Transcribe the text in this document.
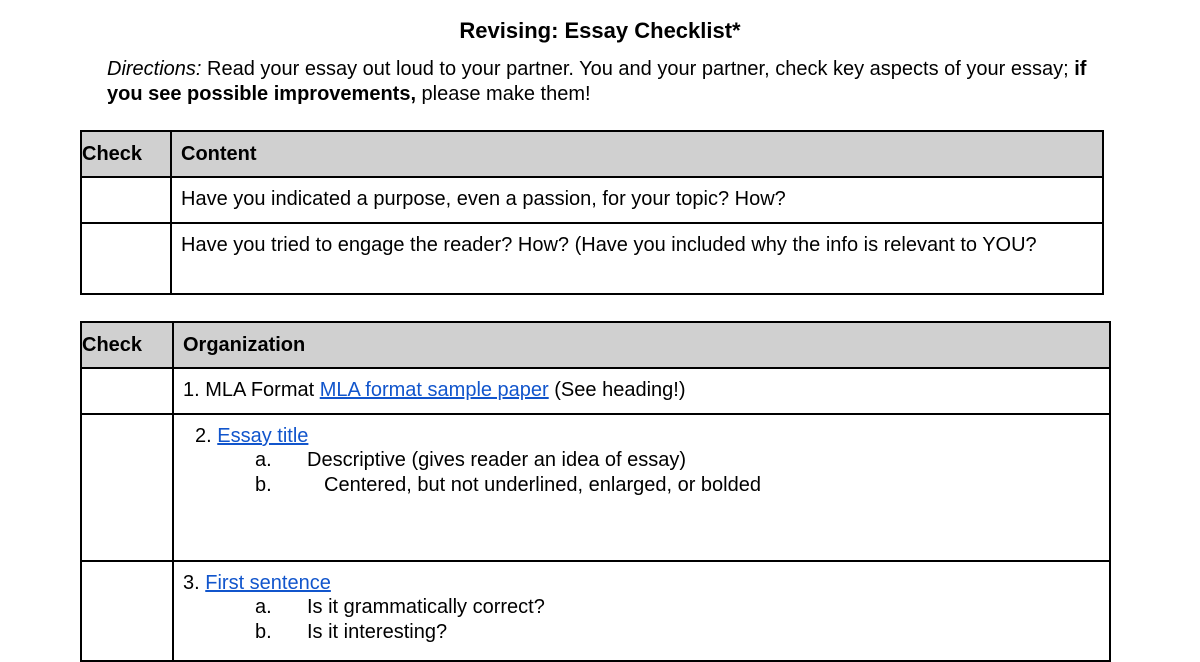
Revising: Essay Checklist*
Directions: Read your essay out loud to your partner. You and your partner, check key aspects of your essay; if you see possible improvements, please make them!
Check	Content

	Have you indicated a purpose, even a passion, for your topic? How?

	Have you tried to engage the reader? How? (Have you included why the info is relevant to YOU?
Check	Organization

	1. MLA Format MLA format sample paper (See heading!)

	2. Essay title
a. Descriptive (gives reader an idea of essay)
b. Centered, but not underlined, enlarged, or bolded

	3. First sentence
a. Is it grammatically correct?
b. Is it interesting?
